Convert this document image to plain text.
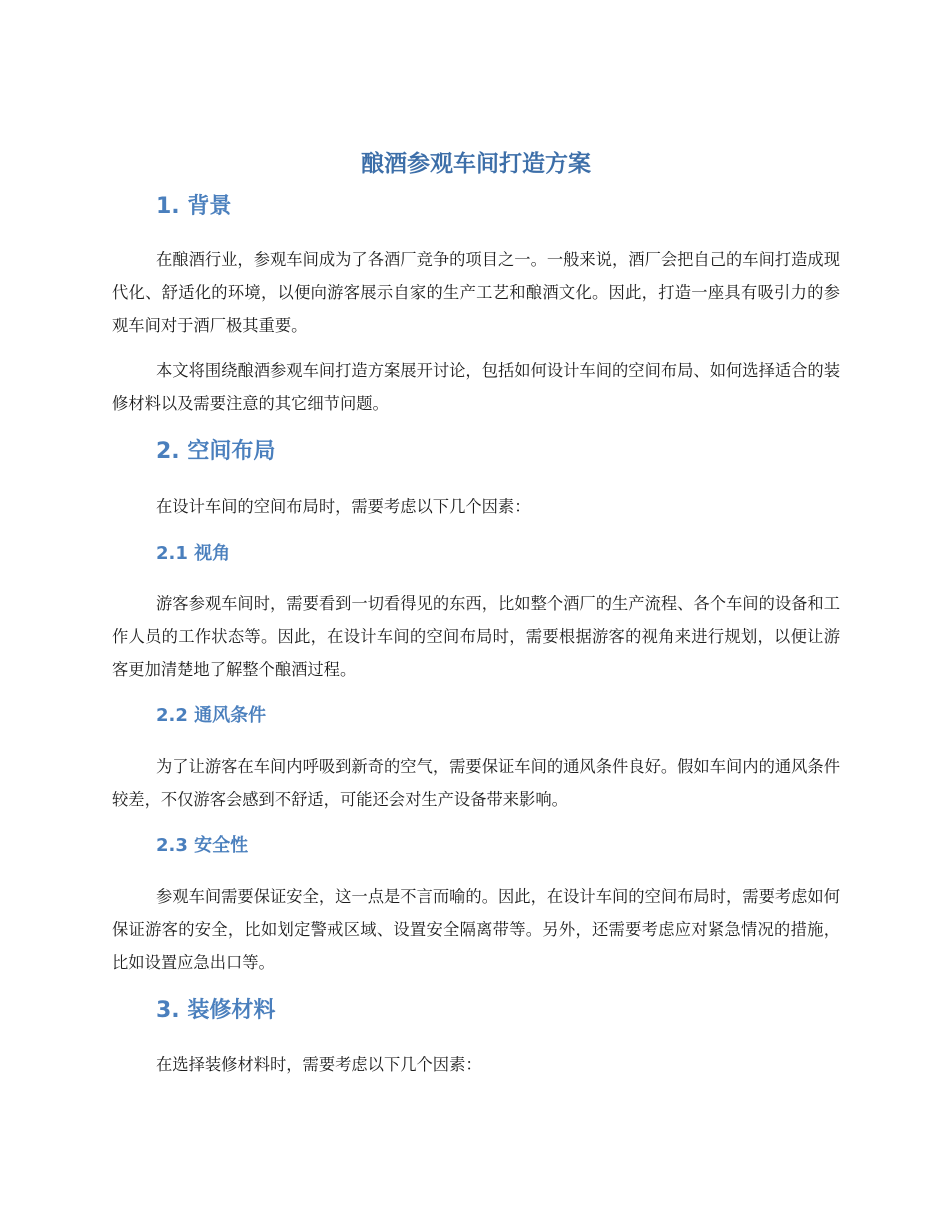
酿酒参观车间打造方案
1. 背景

在酿酒行业，参观车间成为了各酒厂竞争的项目之一。一般来说，酒厂会把自己的车间打造成现代化、舒适化的环境，以便向游客展示自家的生产工艺和酿酒文化。因此，打造一座具有吸引力的参观车间对于酒厂极其重要。

本文将围绕酿酒参观车间打造方案展开讨论，包括如何设计车间的空间布局、如何选择适合的装修材料以及需要注意的其它细节问题。

2. 空间布局

在设计车间的空间布局时，需要考虑以下几个因素：

2.1 视角

游客参观车间时，需要看到一切看得见的东西，比如整个酒厂的生产流程、各个车间的设备和工作人员的工作状态等。因此，在设计车间的空间布局时，需要根据游客的视角来进行规划，以便让游客更加清楚地了解整个酿酒过程。

2.2 通风条件

为了让游客在车间内呼吸到新奇的空气，需要保证车间的通风条件良好。假如车间内的通风条件较差，不仅游客会感到不舒适，可能还会对生产设备带来影响。

2.3 安全性

参观车间需要保证安全，这一点是不言而喻的。因此，在设计车间的空间布局时，需要考虑如何保证游客的安全，比如划定警戒区域、设置安全隔离带等。另外，还需要考虑应对紧急情况的措施，比如设置应急出口等。

3. 装修材料

在选择装修材料时，需要考虑以下几个因素：
